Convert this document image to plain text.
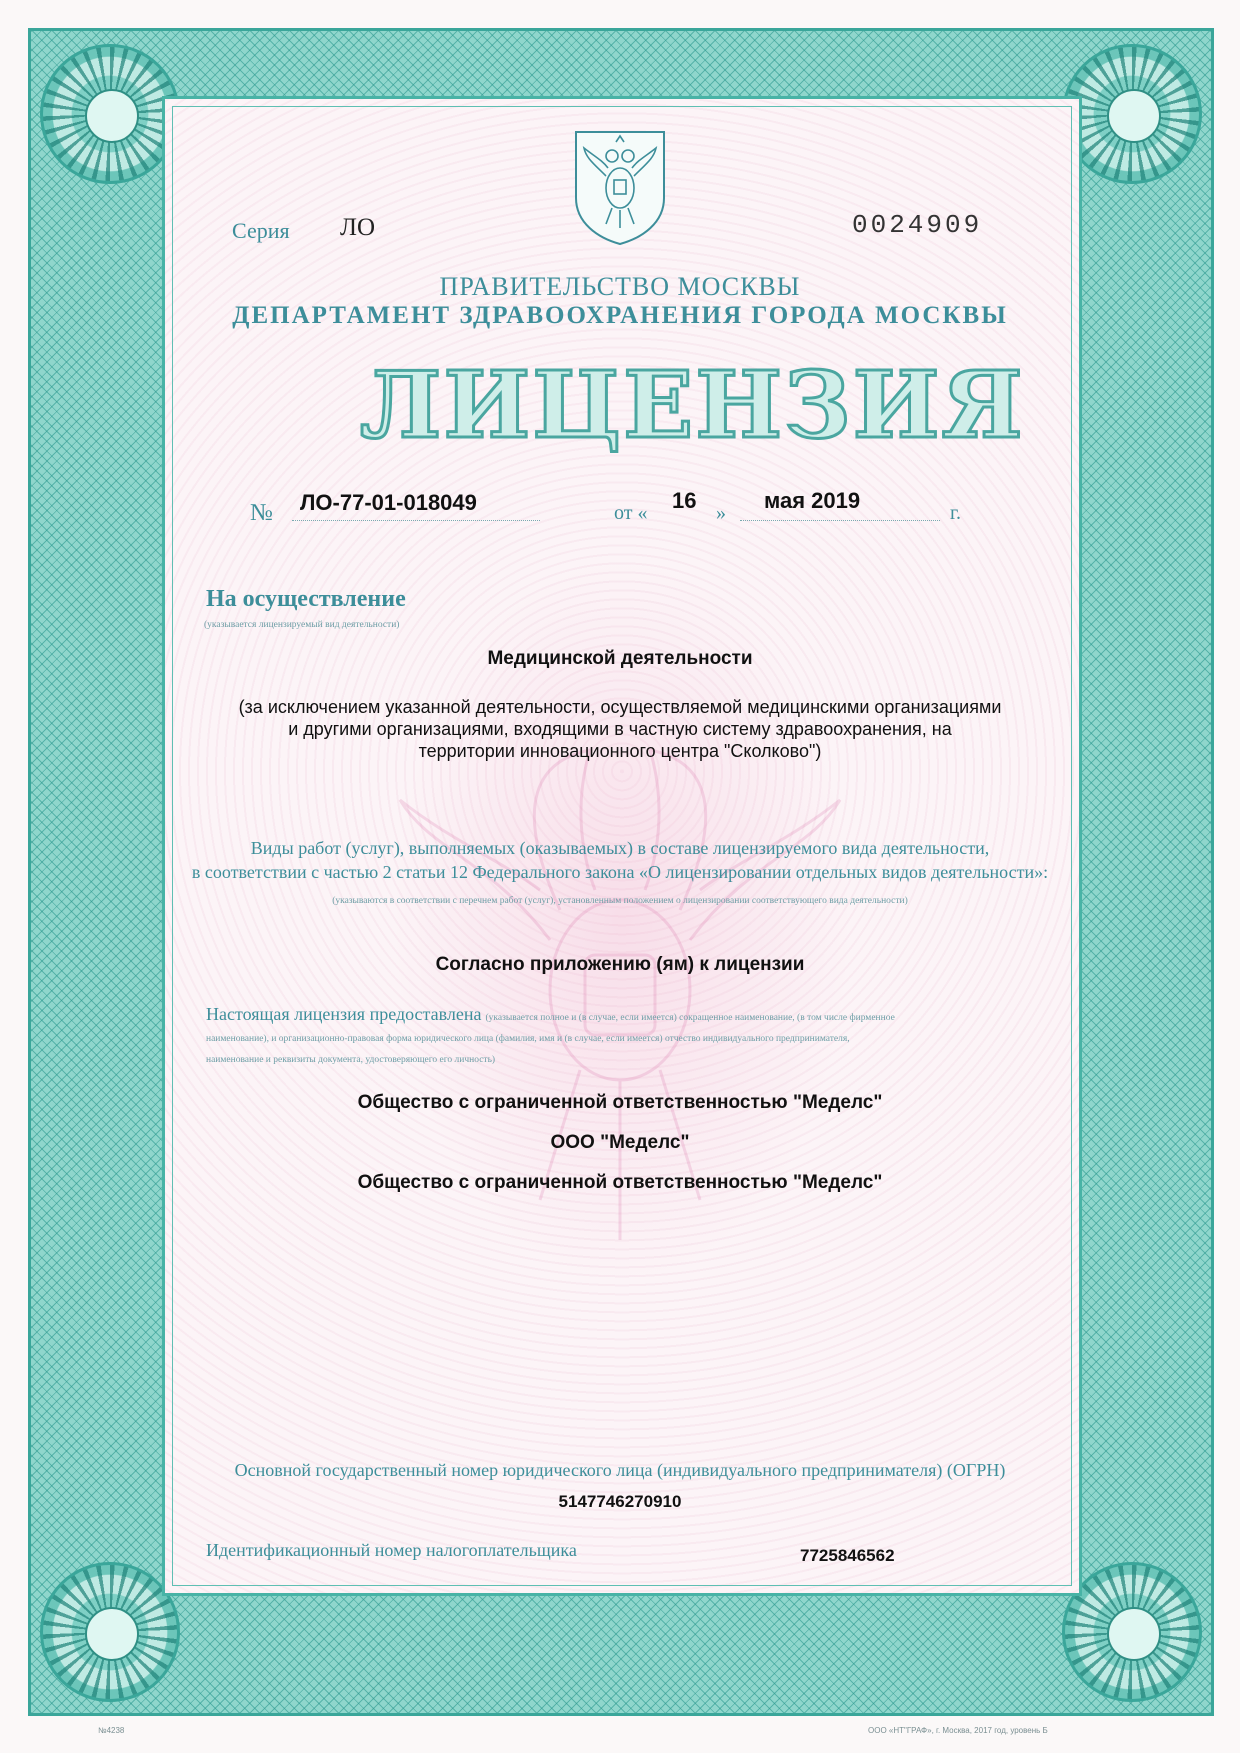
Серия ЛО	0024909
ПРАВИТЕЛЬСТВО МОСКВЫ
ДЕПАРТАМЕНТ ЗДРАВООХРАНЕНИЯ ГОРОДА МОСКВЫ
ЛИЦЕНЗИЯ
№ ЛО-77-01-018049	от « 16 » мая 2019	г.
На осуществление
(указывается лицензируемый вид деятельности)
Медицинской деятельности
(за исключением указанной деятельности, осуществляемой медицинскими организациями
и другими организациями, входящими в частную систему здравоохранения, на
территории инновационного центра "Сколково")
Виды работ (услуг), выполняемых (оказываемых) в составе лицензируемого вида деятельности,
в соответствии с частью 2 статьи 12 Федерального закона «О лицензировании отдельных видов деятельности»:
(указываются в соответствии с перечнем работ (услуг), установленным положением о лицензировании соответствующего вида деятельности)
Согласно приложению (ям) к лицензии
Настоящая лицензия предоставлена (указывается полное и (в случае, если имеется) сокращенное наименование, (в том числе фирменное
наименование), и организационно-правовая форма юридического лица (фамилия, имя и (в случае, если имеется) отчество индивидуального предпринимателя,
наименование и реквизиты документа, удостоверяющего его личность)
Общество с ограниченной ответственностью "Меделс"
ООО "Меделс"
Общество с ограниченной ответственностью "Меделс"
Основной государственный номер юридического лица (индивидуального предпринимателя) (ОГРН)
5147746270910
Идентификационный номер налогоплательщика	7725846562
№4238	ООО «НТ"ГРАФ», г. Москва, 2017 год, уровень Б
